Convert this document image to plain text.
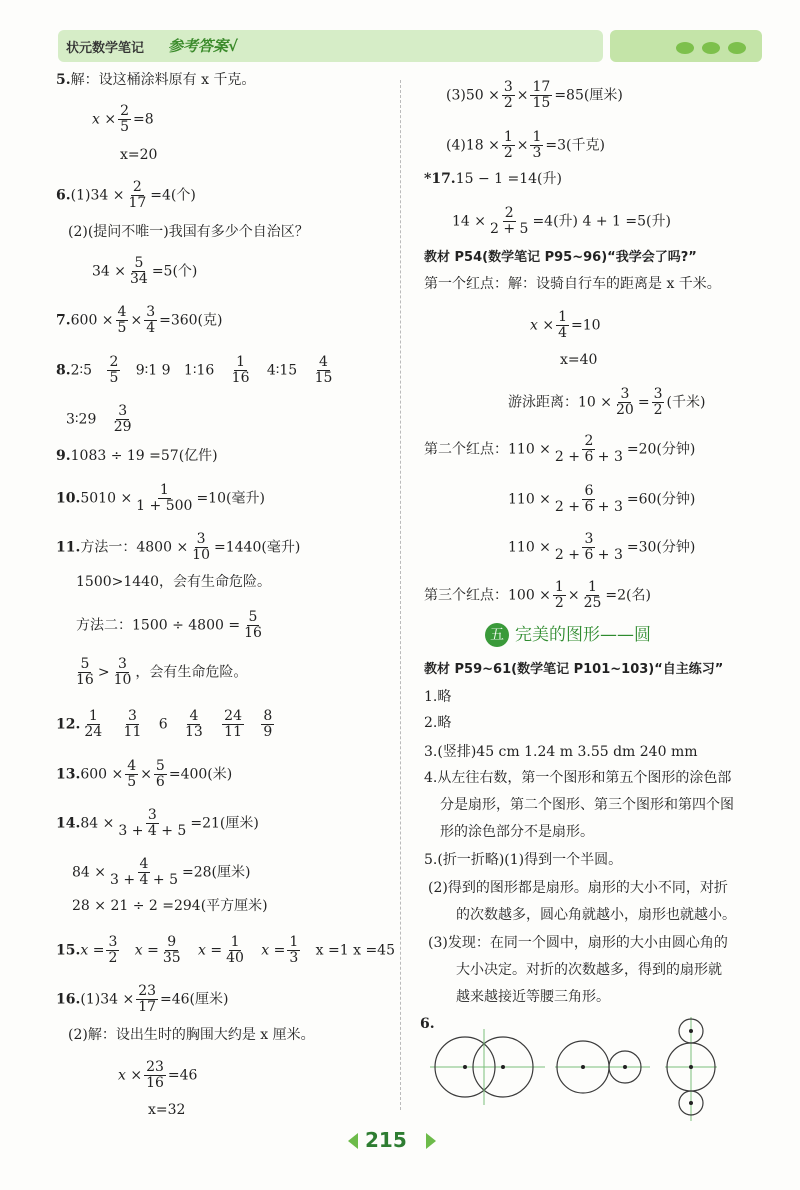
状元数学笔记 参考答案√
5.解：设这桶涂料原有 x 千克。
$x \times \frac{2}{5} =8$
x=20
$6.(1)34 \times \frac{2}{17} =4$(个)
(2)(提问不唯一)我国有多少个自治区？
$34 \times \frac{5}{34} =5$(个)
$7.600 \times \frac{4}{5} \times \frac{3}{4} =360$(克)
8.2∶5 $\frac{2}{5}$ 9∶1 9 1∶16 $\frac{1}{16}$ 4∶15 $\frac{4}{15}$
3∶29 $\frac{3}{29}$
9.1083 ÷ 19 =57(亿件)
$10.5010 \times \frac{1}{1 + 500} =10$(毫升)
11.方法一：$4800 \times \frac{3}{10} =1440$(毫升)
1500>1440，会有生命危险。
方法二：$1500 \div 4800 = \frac{5}{16}$
$\frac{5}{16} > \frac{3}{10}$ ，会有生命危险。
12. $\frac{1}{24}$
$\frac{3}{11} 6 \frac{4}{13}$
$\frac{24}{11}$
$\frac{8}{9}$
$13.600 \times \frac{4}{5} \times \frac{5}{6} =400$(米)
$14.84 \times \frac{3}{3 + 4 + 5} =21$(厘米)
$84 \times \frac{4}{3 + 4 + 5} =28$(厘米)
28 × 21 ÷ 2 =294(平方厘米)
$15.x = \frac{3}{2}$ $x = \frac{9}{35}$ $x = \frac{1}{40}$ $x = \frac{1}{3}$ x =1 x =45
$16.(1)34 \times \frac{23}{17} =46$(厘米)
(2)解：设出生时的胸围大约是 x 厘米。
$x \times \frac{23}{16} =46$
x=32
$(3)50 \times \frac{3}{2} \times \frac{17}{15} =85$(厘米)
$(4)18 \times \frac{1}{2} \times \frac{1}{3} =3$(千克)
*17.15 − 1 =14(升)
$14 \times \frac{2}{2 + 5} =4$(升) 4 + 1 =5(升)
教材 P54(数学笔记 P95~96)“我学会了吗?”
第一个红点：解：设骑自行车的距离是 x 千米。
$x \times \frac{1}{4} =10$
x=40
游泳距离：$10 \times \frac{3}{20} = \frac{3}{2}$ (千米)
第二个红点：$110 \times \frac{2}{2 + 6 + 3} =20$(分钟)
$110 \times \frac{6}{2 + 6 + 3} =60$(分钟)
$110 \times \frac{3}{2 + 6 + 3} =30$(分钟)
第三个红点：$100 \times \frac{1}{2} \times \frac{1}{25} =2$(名)
五 完美的图形——圆
教材 P59~61(数学笔记 P101~103)“自主练习”
1.略
2.略
3.(竖排)45 cm 1.24 m 3.55 dm 240 mm
4.从左往右数，第一个图形和第五个图形的涂色部
分是扇形，第二个图形、第三个图形和第四个图
形的涂色部分不是扇形。
5.(折一折略)(1)得到一个半圆。
(2)得到的图形都是扇形。扇形的大小不同，对折
的次数越多，圆心角就越小，扇形也就越小。
(3)发现：在同一个圆中，扇形的大小由圆心角的
大小决定。对折的次数越多，得到的扇形就
越来越接近等腰三角形。
6.
215
